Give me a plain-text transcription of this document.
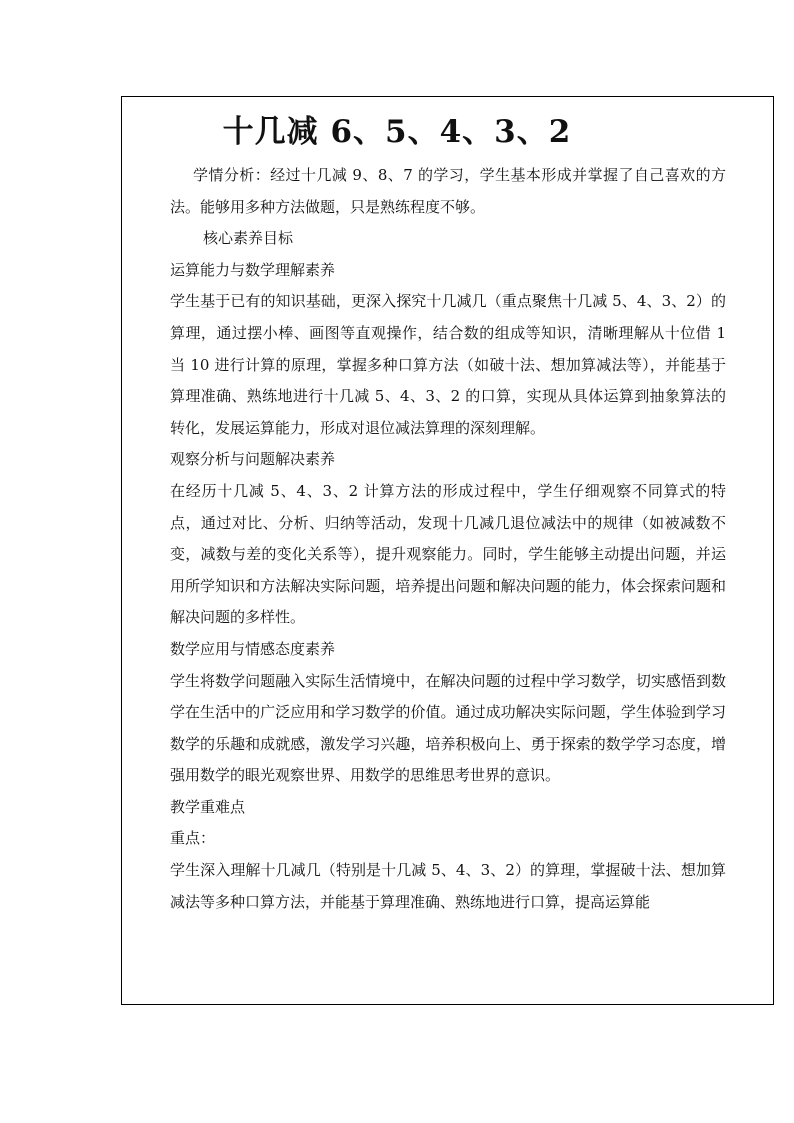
十几减 6、5、4、3、2

学情分析：经过十几减 9、8、7 的学习，学生基本形成并掌握了自己喜欢的方法。能够用多种方法做题，只是熟练程度不够。

核心素养目标

运算能力与数学理解素养

学生基于已有的知识基础，更深入探究十几减几（重点聚焦十几减 5、4、3、2）的算理，通过摆小棒、画图等直观操作，结合数的组成等知识，清晰理解从十位借 1 当 10 进行计算的原理，掌握多种口算方法（如破十法、想加算减法等），并能基于算理准确、熟练地进行十几减 5、4、3、2 的口算，实现从具体运算到抽象算法的转化，发展运算能力，形成对退位减法算理的深刻理解。

观察分析与问题解决素养

在经历十几减 5、4、3、2 计算方法的形成过程中，学生仔细观察不同算式的特点，通过对比、分析、归纳等活动，发现十几减几退位减法中的规律（如被减数不变，减数与差的变化关系等），提升观察能力。同时，学生能够主动提出问题，并运用所学知识和方法解决实际问题，培养提出问题和解决问题的能力，体会探索问题和解决问题的多样性。

数学应用与情感态度素养

学生将数学问题融入实际生活情境中，在解决问题的过程中学习数学，切实感悟到数学在生活中的广泛应用和学习数学的价值。通过成功解决实际问题，学生体验到学习数学的乐趣和成就感，激发学习兴趣，培养积极向上、勇于探索的数学学习态度，增强用数学的眼光观察世界、用数学的思维思考世界的意识。

教学重难点

重点：

学生深入理解十几减几（特别是十几减 5、4、3、2）的算理，掌握破十法、想加算减法等多种口算方法，并能基于算理准确、熟练地进行口算，提高运算能
